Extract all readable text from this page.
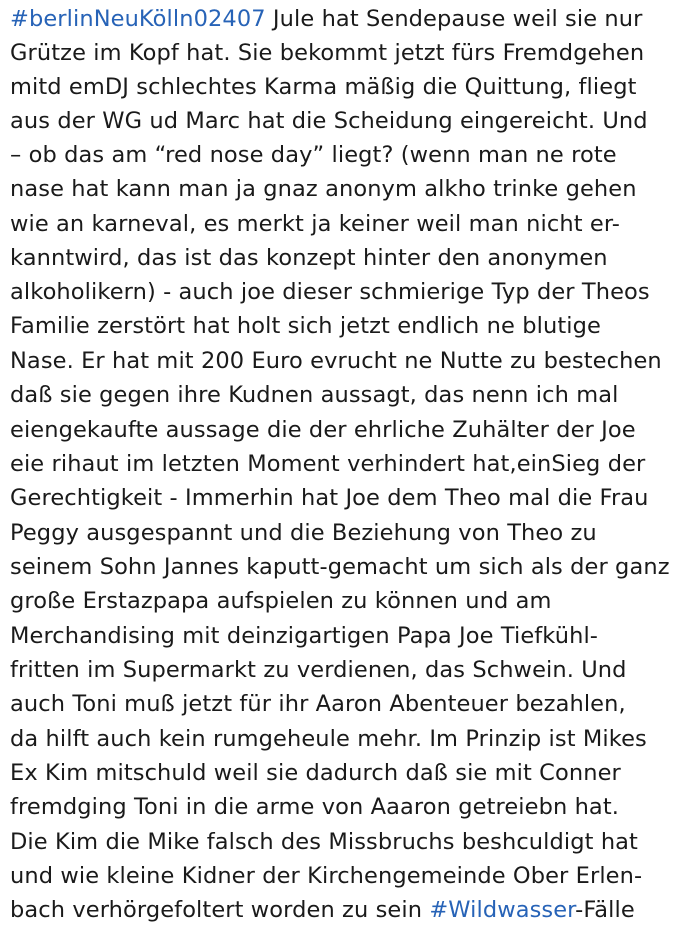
#berlinNeuKölln02407 Jule hat Sendepause weil sie nur
Grütze im Kopf hat. Sie bekommt jetzt fürs Fremdgehen
mitd emDJ schlechtes Karma mäßig die Quittung, fliegt
aus der WG ud Marc hat die Scheidung eingereicht. Und
– ob das am “red nose day” liegt? (wenn man ne rote
nase hat kann man ja gnaz anonym alkho trinke gehen
wie an karneval, es merkt ja keiner weil man nicht er-
kanntwird, das ist das konzept hinter den anonymen
alkoholikern) - auch joe dieser schmierige Typ der Theos
Familie zerstört hat holt sich jetzt endlich ne blutige
Nase. Er hat mit 200 Euro evrucht ne Nutte zu bestechen
daß sie gegen ihre Kudnen aussagt, das nenn ich mal
eiengekaufte aussage die der ehrliche Zuhälter der Joe
eie rihaut im letzten Moment verhindert hat,einSieg der
Gerechtigkeit - Immerhin hat Joe dem Theo mal die Frau
Peggy ausgespannt und die Beziehung von Theo zu
seinem Sohn Jannes kaputt-gemacht um sich als der ganz
große Erstazpapa aufspielen zu können und am
Merchandising mit deinzigartigen Papa Joe Tiefkühl-
fritten im Supermarkt zu verdienen, das Schwein. Und
auch Toni muß jetzt für ihr Aaron Abenteuer bezahlen,
da hilft auch kein rumgeheule mehr. Im Prinzip ist Mikes
Ex Kim mitschuld weil sie dadurch daß sie mit Conner
fremdging Toni in die arme von Aaaron getreiebn hat.
Die Kim die Mike falsch des Missbruchs beshculdigt hat
und wie kleine Kidner der Kirchengemeinde Ober Erlen-
bach verhörgefoltert worden zu sein #Wildwasser-Fälle
